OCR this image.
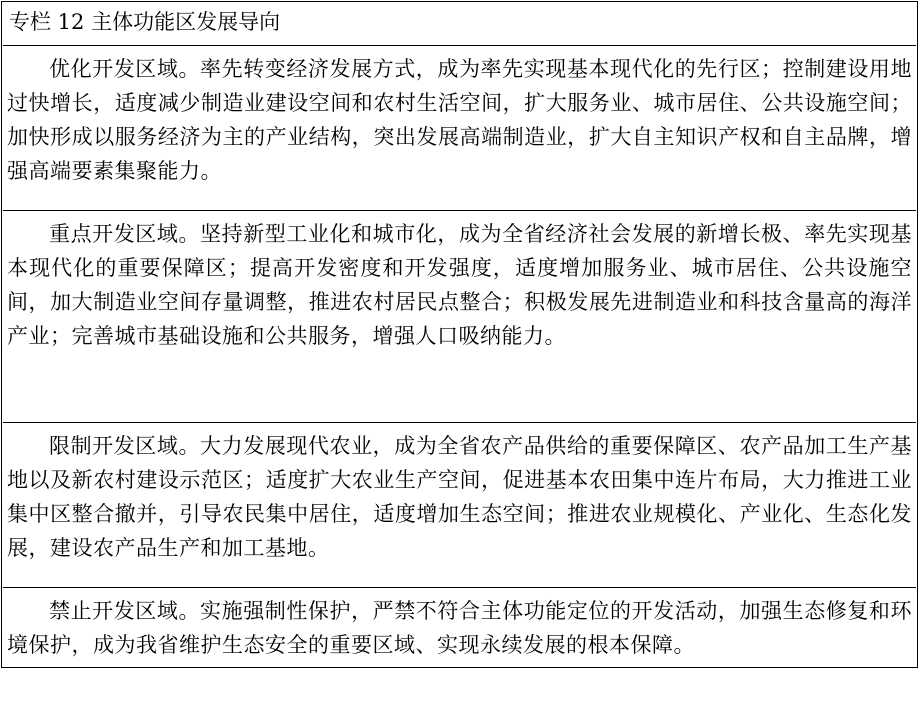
专栏 12 主体功能区发展导向

优化开发区域。率先转变经济发展方式，成为率先实现基本现代化的先行区；控制建设用地过快增长，适度减少制造业建设空间和农村生活空间，扩大服务业、城市居住、公共设施空间；加快形成以服务经济为主的产业结构，突出发展高端制造业，扩大自主知识产权和自主品牌，增强高端要素集聚能力。

重点开发区域。坚持新型工业化和城市化，成为全省经济社会发展的新增长极、率先实现基本现代化的重要保障区；提高开发密度和开发强度，适度增加服务业、城市居住、公共设施空间，加大制造业空间存量调整，推进农村居民点整合；积极发展先进制造业和科技含量高的海洋产业；完善城市基础设施和公共服务，增强人口吸纳能力。

限制开发区域。大力发展现代农业，成为全省农产品供给的重要保障区、农产品加工生产基地以及新农村建设示范区；适度扩大农业生产空间，促进基本农田集中连片布局，大力推进工业集中区整合撤并，引导农民集中居住，适度增加生态空间；推进农业规模化、产业化、生态化发展，建设农产品生产和加工基地。

禁止开发区域。实施强制性保护，严禁不符合主体功能定位的开发活动，加强生态修复和环境保护，成为我省维护生态安全的重要区域、实现永续发展的根本保障。
